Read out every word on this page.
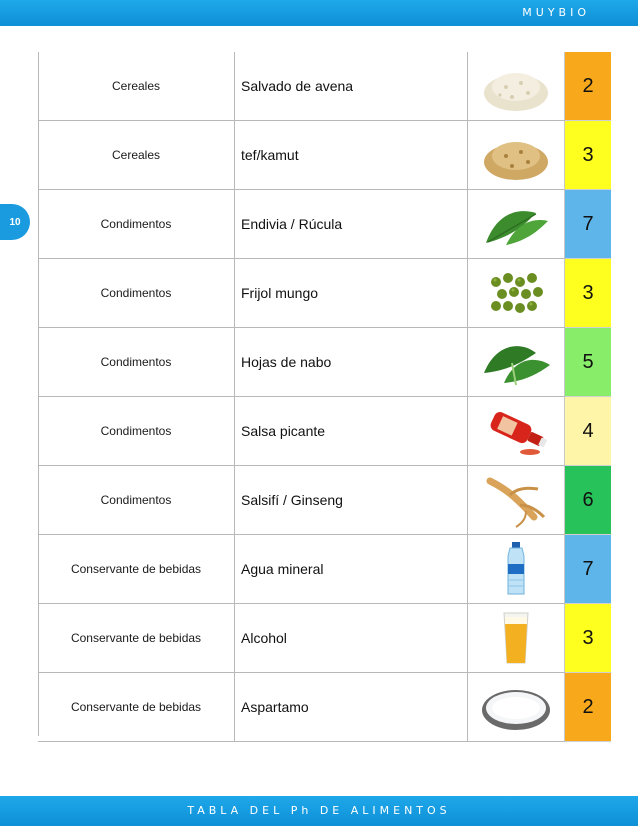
MUYBIO
10
Cereales	Salvado de avena		2
Cereales	tef/kamut		3
Condimentos	Endivia / Rúcula		7
Condimentos	Frijol mungo		3
Condimentos	Hojas de nabo		5
Condimentos	Salsa picante		4
Condimentos	Salsifí / Ginseng		6
Conservante de bebidas	Agua mineral		7
Conservante de bebidas	Alcohol		3
Conservante de bebidas	Aspartamo		2
TABLA DEL Ph DE ALIMENTOS
